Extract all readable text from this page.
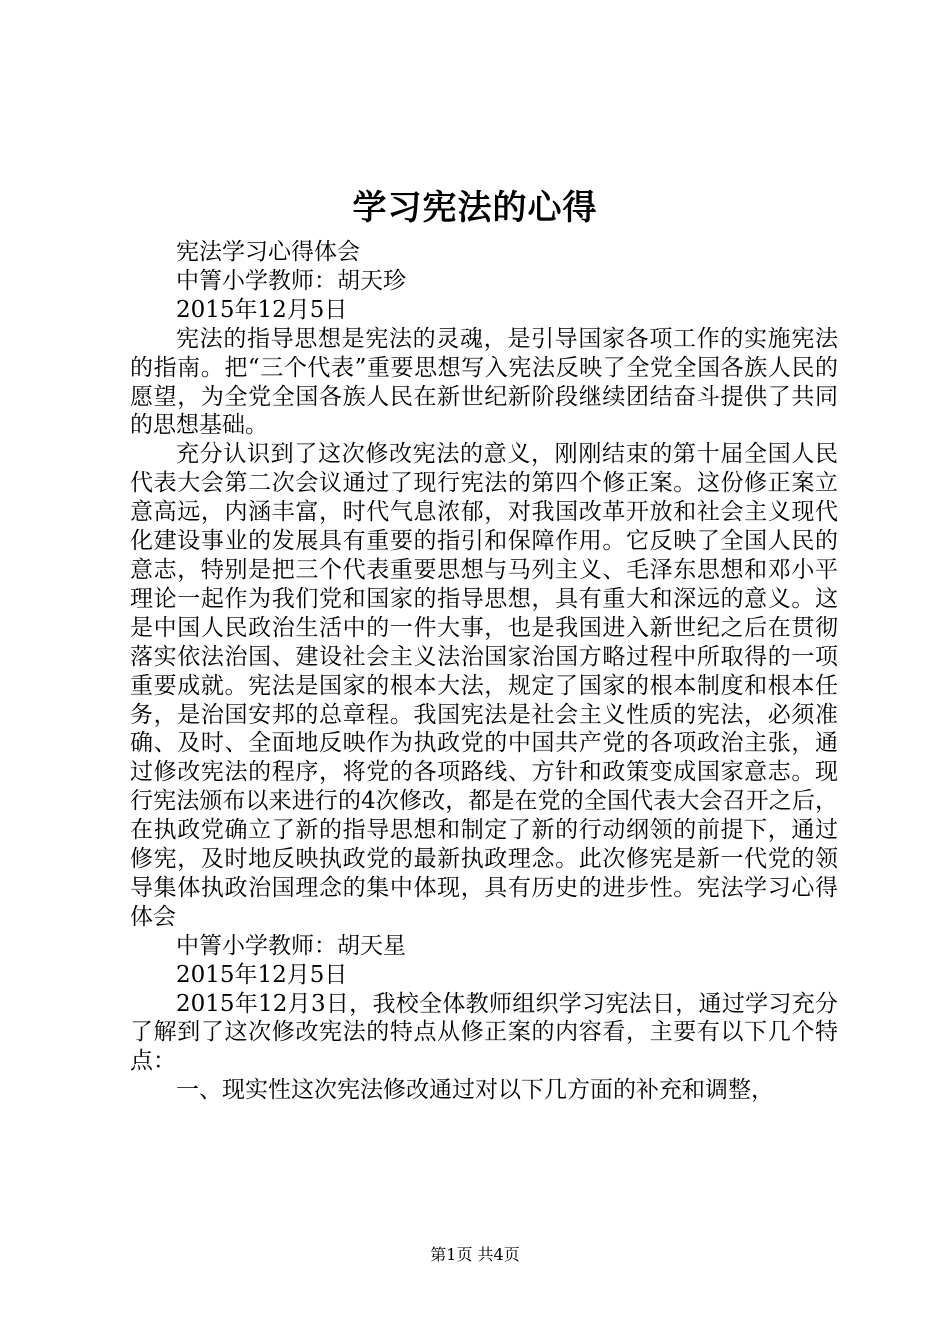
学习宪法的心得

宪法学习心得体会

中箐小学教师：胡天珍

2015年12月5日

宪法的指导思想是宪法的灵魂，是引导国家各项工作的实施宪法的指南。把“三个代表”重要思想写入宪法反映了全党全国各族人民的愿望，为全党全国各族人民在新世纪新阶段继续团结奋斗提供了共同的思想基础。

充分认识到了这次修改宪法的意义，刚刚结束的第十届全国人民代表大会第二次会议通过了现行宪法的第四个修正案。这份修正案立意高远，内涵丰富，时代气息浓郁，对我国改革开放和社会主义现代化建设事业的发展具有重要的指引和保障作用。它反映了全国人民的意志，特别是把三个代表重要思想与马列主义、毛泽东思想和邓小平理论一起作为我们党和国家的指导思想，具有重大和深远的意义。这是中国人民政治生活中的一件大事，也是我国进入新世纪之后在贯彻落实依法治国、建设社会主义法治国家治国方略过程中所取得的一项重要成就。宪法是国家的根本大法，规定了国家的根本制度和根本任务，是治国安邦的总章程。我国宪法是社会主义性质的宪法，必须准确、及时、全面地反映作为执政党的中国共产党的各项政治主张，通过修改宪法的程序，将党的各项路线、方针和政策变成国家意志。现行宪法颁布以来进行的4次修改，都是在党的全国代表大会召开之后，在执政党确立了新的指导思想和制定了新的行动纲领的前提下，通过修宪，及时地反映执政党的最新执政理念。此次修宪是新一代党的领导集体执政治国理念的集中体现，具有历史的进步性。宪法学习心得体会

中箐小学教师：胡天星

2015年12月5日

2015年12月3日，我校全体教师组织学习宪法日，通过学习充分了解到了这次修改宪法的特点从修正案的内容看，主要有以下几个特点：

一、现实性这次宪法修改通过对以下几方面的补充和调整，

第1页 共4页
